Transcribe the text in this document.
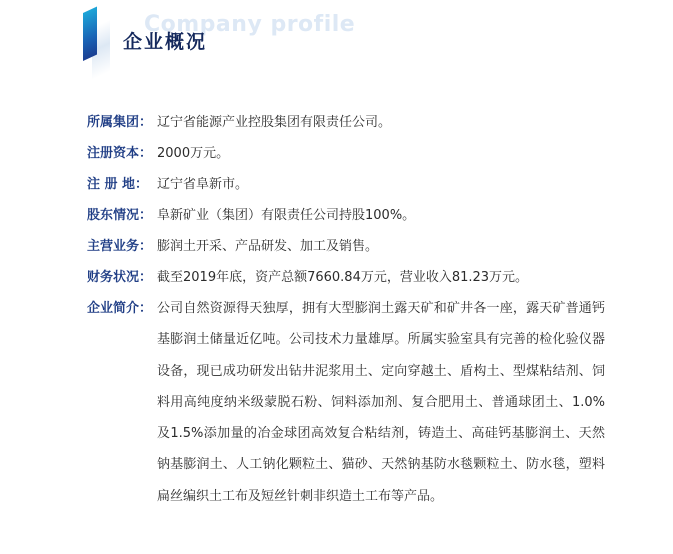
Company profile
企业概况
所属集团： 辽宁省能源产业控股集团有限责任公司。
注册资本： 2000万元。
注 册 地： 辽宁省阜新市。
股东情况： 阜新矿业（集团）有限责任公司持股100%。
主营业务： 膨润土开采、产品研发、加工及销售。
财务状况： 截至2019年底，资产总额7660.84万元，营业收入81.23万元。
企业简介： 公司自然资源得天独厚，拥有大型膨润土露天矿和矿井各一座，露天矿普通钙基膨润土储量近亿吨。公司技术力量雄厚。所属实验室具有完善的检化验仪器设备，现已成功研发出钻井泥浆用土、定向穿越土、盾构土、型煤粘结剂、饲料用高纯度纳米级蒙脱石粉、饲料添加剂、复合肥用土、普通球团土、1.0%及1.5%添加量的冶金球团高效复合粘结剂，铸造土、高硅钙基膨润土、天然钠基膨润土、人工钠化颗粒土、猫砂、天然钠基防水毯颗粒土、防水毯，塑料扁丝编织土工布及短丝针刺非织造土工布等产品。
